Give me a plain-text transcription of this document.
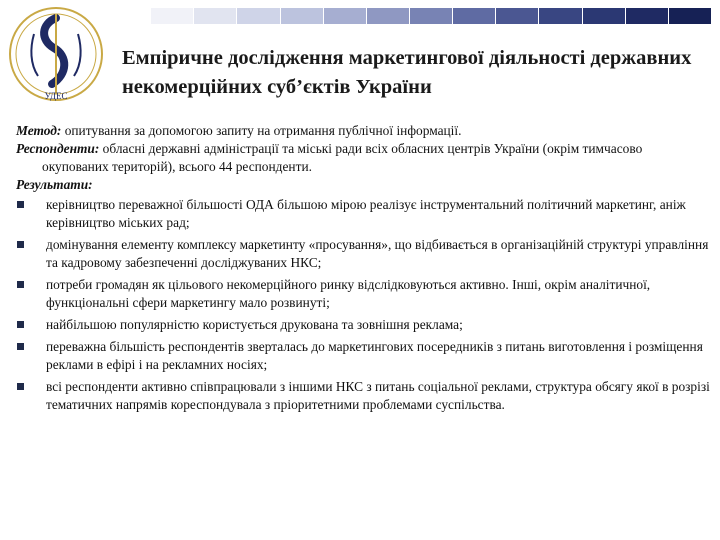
УДЕС
Емпіричне дослідження маркетингової діяльності державних некомерційних суб’єктів України

Метод: опитування за допомогою запиту на отримання публічної інформації.

Респонденти: обласні державні адміністрації та міські ради всіх обласних центрів України (окрім тимчасово окупованих територій), всього 44 респонденти.

Результати:

керівництво переважної більшості ОДА більшою мірою реалізує інструментальний політичний маркетинг, аніж керівництво міських рад;
домінування елементу комплексу маркетинту «просування», що відбивається в організаційній структурі управління та кадровому забезпеченні досліджуваних НКС;
потреби громадян як цільового некомерційного ринку відслідковуються активно. Інші, окрім аналітичної, функціональні сфери маркетингу мало розвинуті;
найбільшою популярністю користується друкована та зовнішня реклама;
переважна більшість респондентів зверталась до маркетингових посередників з питань виготовлення і розміщення реклами в ефірі і на рекламних носіях;
всі респонденти активно співпрацювали з іншими НКС з питань соціальної реклами, структура обсягу якої в розрізі тематичних напрямів кореспондувала з пріоритетними проблемами суспільства.
